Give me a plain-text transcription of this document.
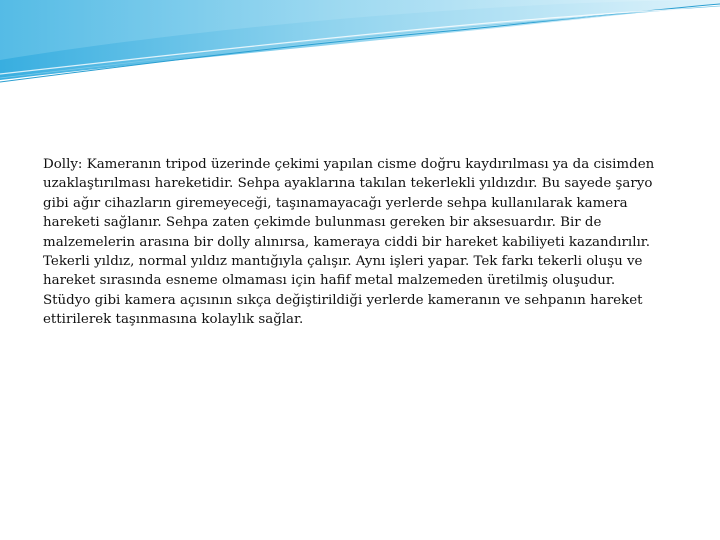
Dolly: Kameranın tripod üzerinde çekimi yapılan cisme doğru kaydırılması ya da cisimden
uzaklaştırılması hareketidir. Sehpa ayaklarına takılan tekerlekli yıldızdır. Bu sayede şaryo
gibi ağır cihazların giremeyeceği, taşınamayacağı yerlerde sehpa kullanılarak kamera
hareketi sağlanır. Sehpa zaten çekimde bulunması gereken bir aksesuardır. Bir de
malzemelerin arasına bir dolly alınırsa, kameraya ciddi bir hareket kabiliyeti kazandırılır.
Tekerli yıldız, normal yıldız mantığıyla çalışır. Aynı işleri yapar. Tek farkı tekerli oluşu ve
hareket sırasında esneme olmaması için hafif metal malzemeden üretilmiş oluşudur.
Stüdyo gibi kamera açısının sıkça değiştirildiği yerlerde kameranın ve sehpanın hareket
ettirilerek taşınmasına kolaylık sağlar.
